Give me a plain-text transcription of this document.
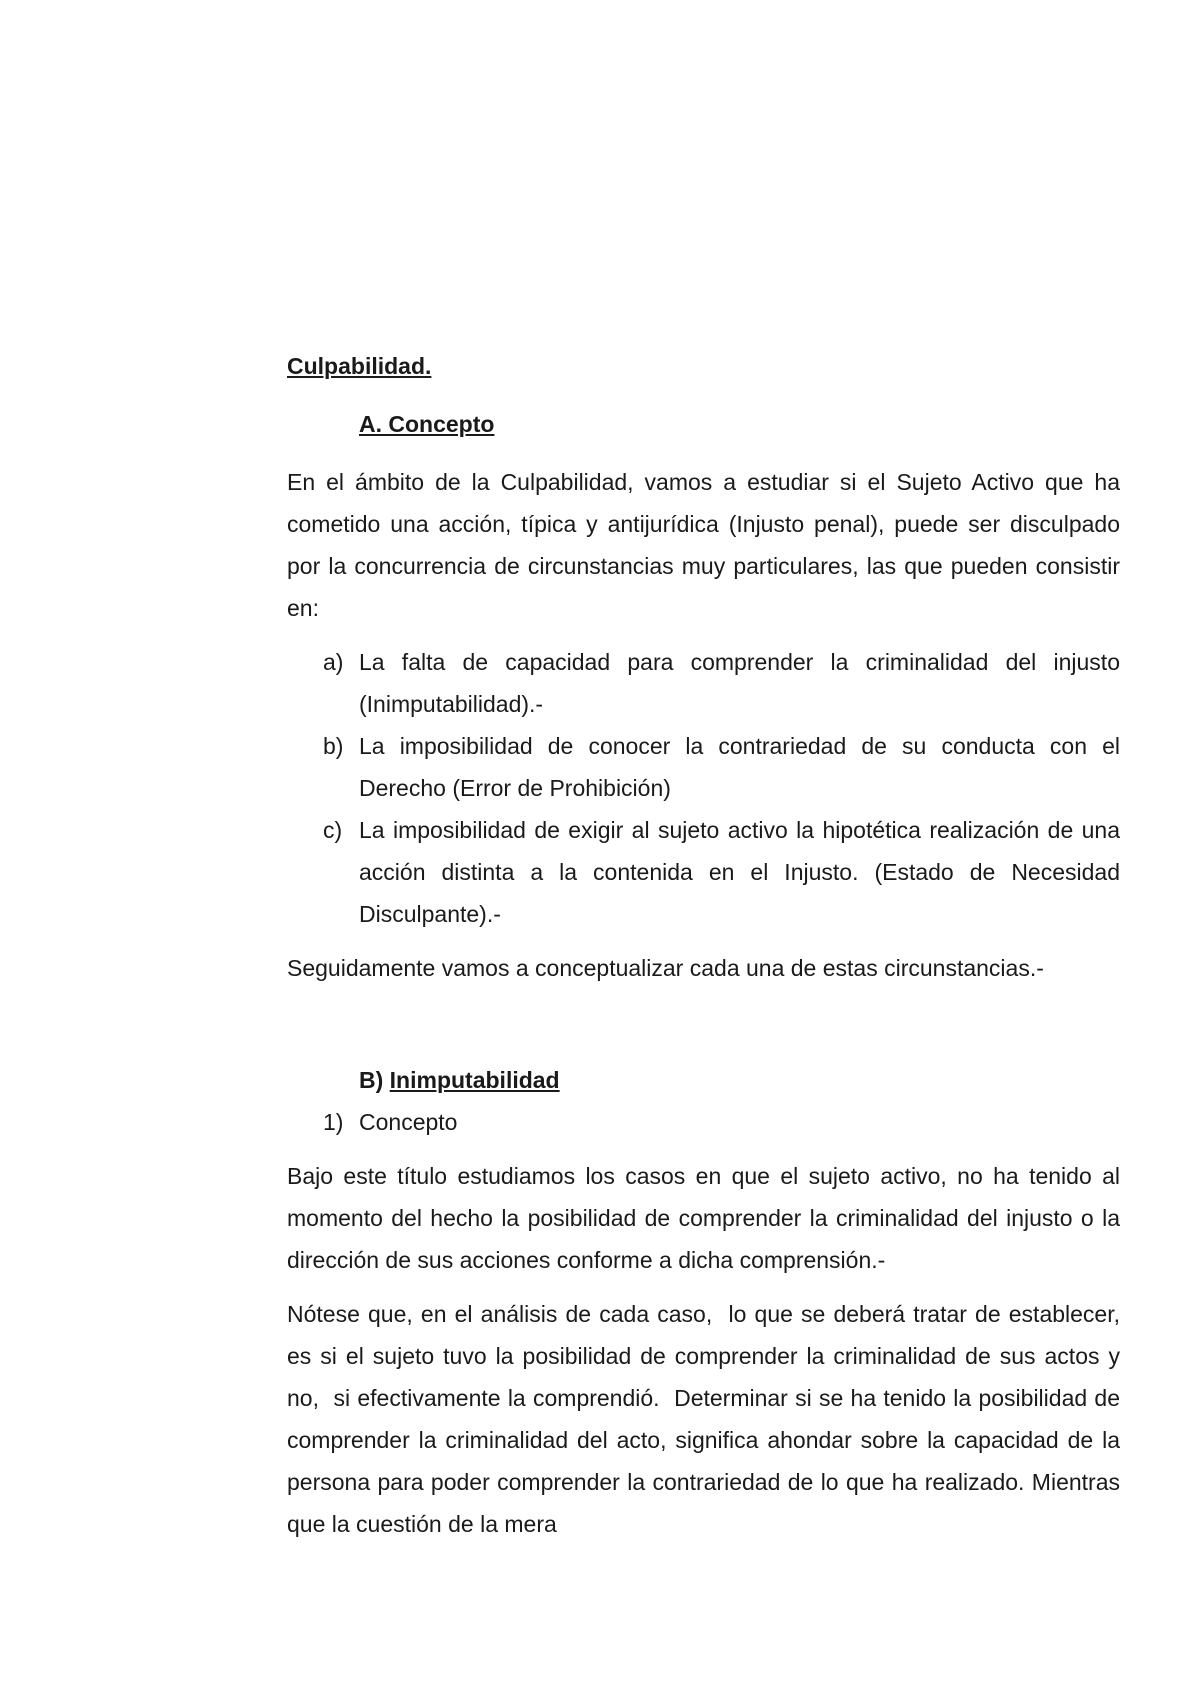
Culpabilidad.

A. Concepto

En el ámbito de la Culpabilidad, vamos a estudiar si el Sujeto Activo que ha cometido una acción, típica y antijurídica (Injusto penal), puede ser disculpado por la concurrencia de circunstancias muy particulares, las que pueden consistir en:

a) La falta de capacidad para comprender la criminalidad del injusto (Inimputabilidad).-
b) La imposibilidad de conocer la contrariedad de su conducta con el Derecho (Error de Prohibición)
c) La imposibilidad de exigir al sujeto activo la hipotética realización de una acción distinta a la contenida en el Injusto. (Estado de Necesidad Disculpante).-

Seguidamente vamos a conceptualizar cada una de estas circunstancias.-

B) Inimputabilidad

1) Concepto

Bajo este título estudiamos los casos en que el sujeto activo, no ha tenido al momento del hecho la posibilidad de comprender la criminalidad del injusto o la dirección de sus acciones conforme a dicha comprensión.-

Nótese que, en el análisis de cada caso,  lo que se deberá tratar de establecer, es si el sujeto tuvo la posibilidad de comprender la criminalidad de sus actos y no,  si efectivamente la comprendió.  Determinar si se ha tenido la posibilidad de comprender la criminalidad del acto, significa ahondar sobre la capacidad de la persona para poder comprender la contrariedad de lo que ha realizado. Mientras que la cuestión de la mera
